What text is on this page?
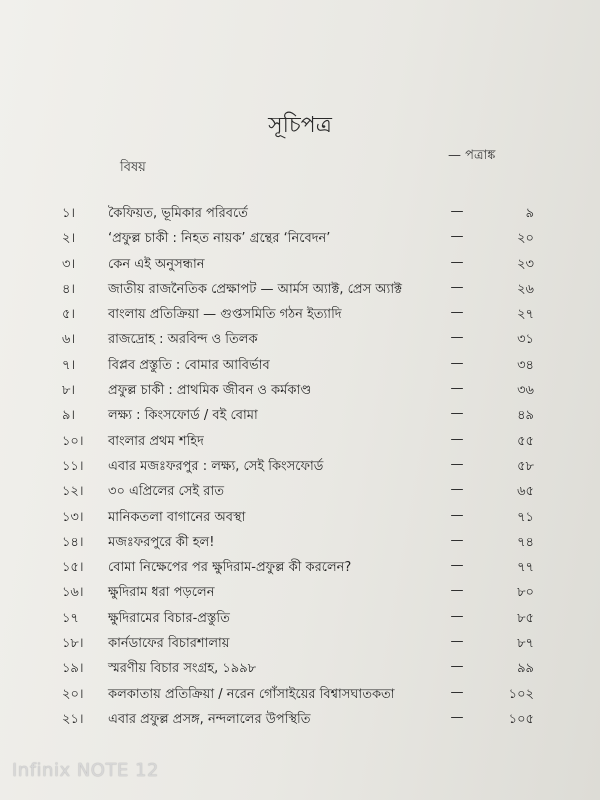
সূচিপত্র
— পত্রাঙ্ক
বিষয়
১।	কৈফিয়ত, ভূমিকার পরিবর্তে	—	৯
২।	‘প্রফুল্ল চাকী : নিহত নায়ক’ গ্রন্থের ‘নিবেদন’	—	২০
৩।	কেন এই অনুসন্ধান	—	২৩
৪।	জাতীয় রাজনৈতিক প্রেক্ষাপট — আর্মস অ্যাক্ট, প্রেস অ্যাক্ট	—	২৬
৫।	বাংলায় প্রতিক্রিয়া — গুপ্তসমিতি গঠন ইত্যাদি	—	২৭
৬।	রাজদ্রোহ : অরবিন্দ ও তিলক	—	৩১
৭।	বিপ্লব প্রস্তুতি : বোমার আবির্ভাব	—	৩৪
৮।	প্রফুল্ল চাকী : প্রাথমিক জীবন ও কর্মকাণ্ড	—	৩৬
৯।	লক্ষ্য : কিংসফোর্ড / বই বোমা	—	৪৯
১০।	বাংলার প্রথম শহিদ	—	৫৫
১১।	এবার মজঃফরপুর : লক্ষ্য, সেই কিংসফোর্ড	—	৫৮
১২।	৩০ এপ্রিলের সেই রাত	—	৬৫
১৩।	মানিকতলা বাগানের অবস্থা	—	৭১
১৪।	মজঃফরপুরে কী হল!	—	৭৪
১৫।	বোমা নিক্ষেপের পর ক্ষুদিরাম-প্রফুল্ল কী করলেন?	—	৭৭
১৬।	ক্ষুদিরাম ধরা পড়লেন	—	৮০
১৭	ক্ষুদিরামের বিচার-প্রস্তুতি	—	৮৫
১৮।	কার্নডাফের বিচারশালায়	—	৮৭
১৯।	স্মরণীয় বিচার সংগ্রহ, ১৯৯৮	—	৯৯
২০।	কলকাতায় প্রতিক্রিয়া / নরেন গোঁসাইয়ের বিশ্বাসঘাতকতা	—	১০২
২১।	এবার প্রফুল্ল প্রসঙ্গ, নন্দলালের উপস্থিতি	—	১০৫
Infinix NOTE 12
